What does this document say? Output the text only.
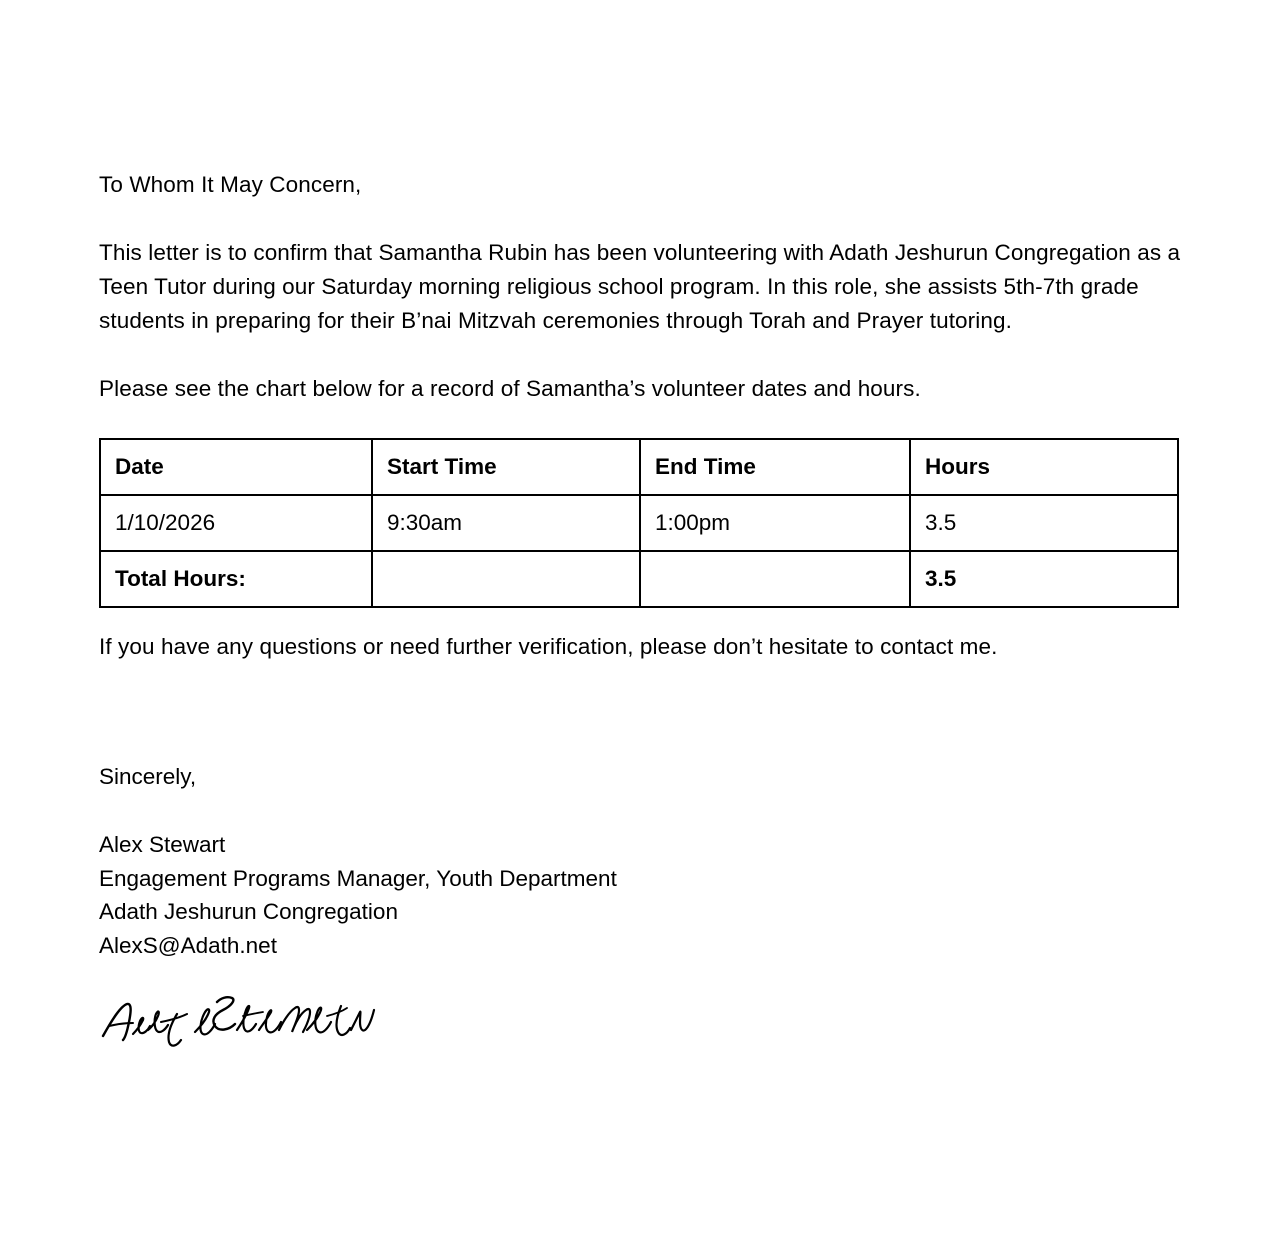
To Whom It May Concern,

This letter is to confirm that Samantha Rubin has been volunteering with Adath Jeshurun Congregation as a Teen Tutor during our Saturday morning religious school program. In this role, she assists 5th-7th grade students in preparing for their B’nai Mitzvah ceremonies through Torah and Prayer tutoring.

Please see the chart below for a record of Samantha’s volunteer dates and hours.

Date	Start Time	End Time	Hours
1/10/2026	9:30am	1:00pm	3.5
Total Hours:			3.5

If you have any questions or need further verification, please don’t hesitate to contact me.

Sincerely,

Alex Stewart
Engagement Programs Manager, Youth Department
Adath Jeshurun Congregation
AlexS@Adath.net
